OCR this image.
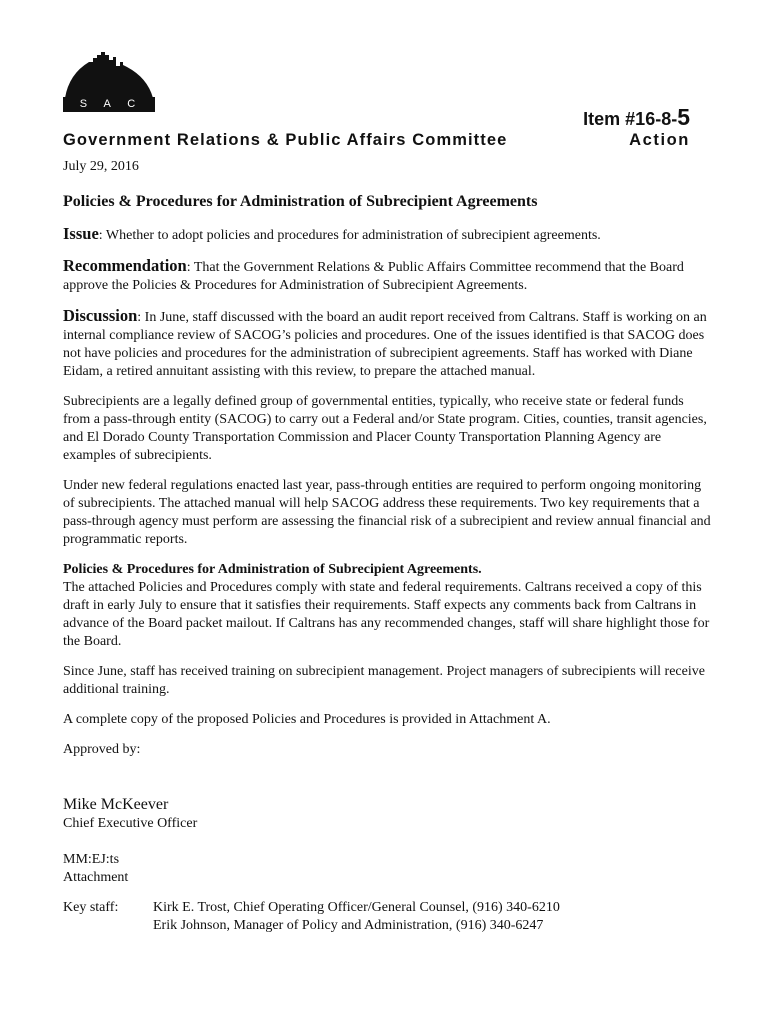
S A C O G	Item #16-8-5
Government Relations & Public Affairs Committee	Action
July 29, 2016
Policies & Procedures for Administration of Subrecipient Agreements

Issue: Whether to adopt policies and procedures for administration of subrecipient agreements.

Recommendation: That the Government Relations & Public Affairs Committee recommend that the Board approve the Policies & Procedures for Administration of Subrecipient Agreements.

Discussion: In June, staff discussed with the board an audit report received from Caltrans. Staff is working on an internal compliance review of SACOG’s policies and procedures. One of the issues identified is that SACOG does not have policies and procedures for the administration of subrecipient agreements. Staff has worked with Diane Eidam, a retired annuitant assisting with this review, to prepare the attached manual.

Subrecipients are a legally defined group of governmental entities, typically, who receive state or federal funds from a pass-through entity (SACOG) to carry out a Federal and/or State program. Cities, counties, transit agencies, and El Dorado County Transportation Commission and Placer County Transportation Planning Agency are examples of subrecipients.

Under new federal regulations enacted last year, pass-through entities are required to perform ongoing monitoring of subrecipients. The attached manual will help SACOG address these requirements. Two key requirements that a pass-through agency must perform are assessing the financial risk of a subrecipient and review annual financial and programmatic reports.

Policies & Procedures for Administration of Subrecipient Agreements.

The attached Policies and Procedures comply with state and federal requirements. Caltrans received a copy of this draft in early July to ensure that it satisfies their requirements. Staff expects any comments back from Caltrans in advance of the Board packet mailout. If Caltrans has any recommended changes, staff will share highlight those for the Board.

Since June, staff has received training on subrecipient management. Project managers of subrecipients will receive additional training.

A complete copy of the proposed Policies and Procedures is provided in Attachment A.

Approved by:

Mike McKeever
Chief Executive Officer
MM:EJ:ts
Attachment
Key staff:	Kirk E. Trost, Chief Operating Officer/General Counsel, (916) 340-6210
Erik Johnson, Manager of Policy and Administration, (916) 340-6247
